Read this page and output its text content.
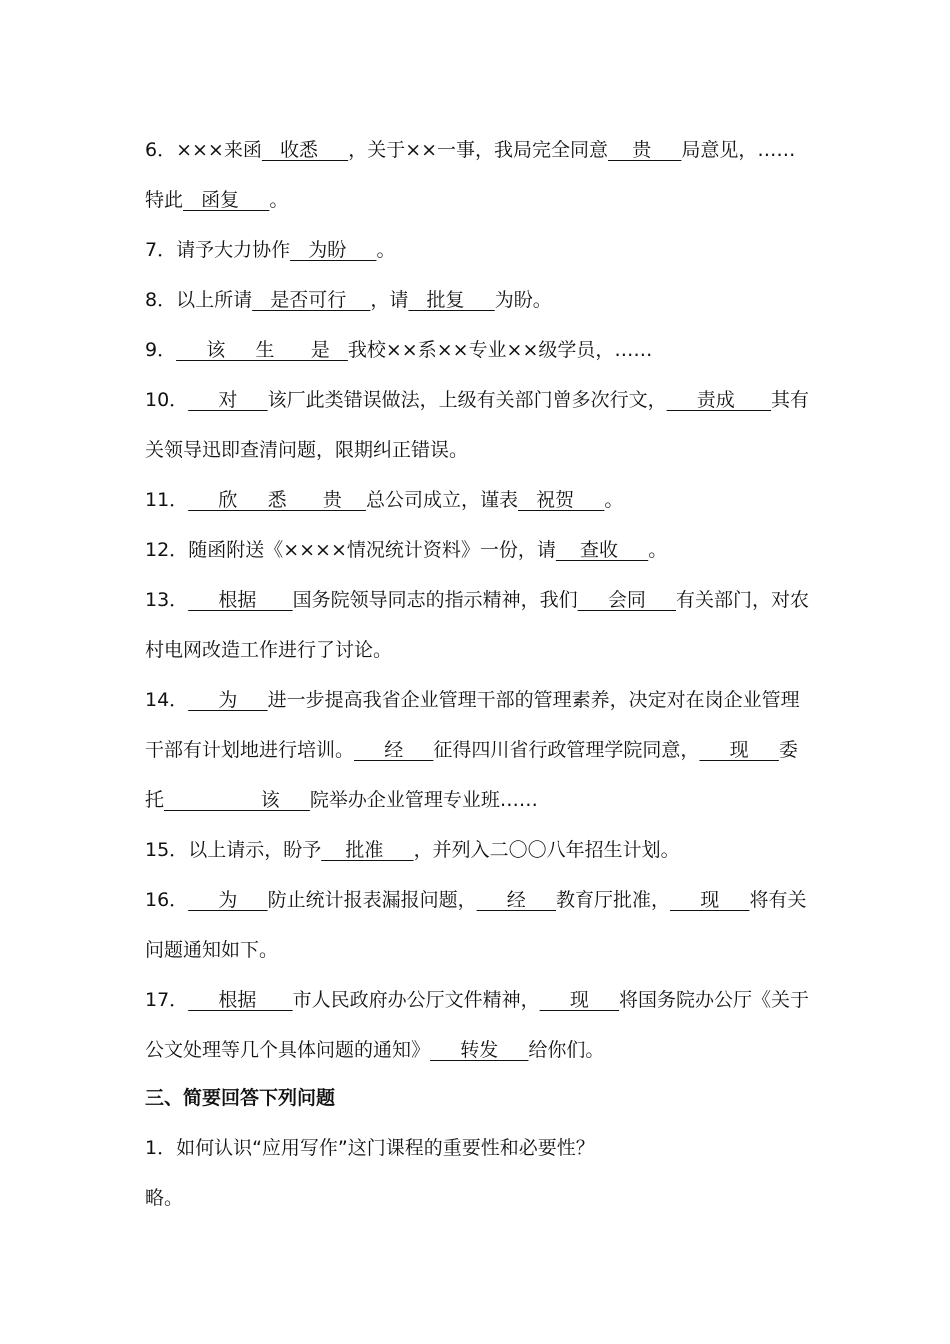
6．×××来函   收悉     ，关于××一事，我局完全同意    贵     局意见，……
特此   函复     。
7．请予大力协作   为盼     。
8．以上所请   是否可行    ，请   批复     为盼。
9．     该     生      是   我校××系××专业××级学员，……
10．     对     该厂此类错误做法，上级有关部门曾多次行文，     责成      其有
关领导迅即查清问题，限期纠正错误。
11．     欣     悉      贵    总公司成立，谨表   祝贺     。
12．随函附送《××××情况统计资料》一份，请    查收     。
13．     根据      国务院领导同志的指示精神，我们     会同     有关部门，对农
村电网改造工作进行了讨论。
14．     为     进一步提高我省企业管理干部的管理素养，决定对在岗企业管理
干部有计划地进行培训。     经     征得四川省行政管理学院同意，     现     委
托                该     院举办企业管理专业班……
15．以上请示，盼予    批准     ，并列入二〇〇八年招生计划。
16．     为     防止统计报表漏报问题，     经     教育厅批准，     现     将有关
问题通知如下。
17．     根据      市人民政府办公厅文件精神，     现     将国务院办公厅《关于
公文处理等几个具体问题的通知》     转发     给你们。
三、简要回答下列问题
1．如何认识“应用写作”这门课程的重要性和必要性？
略。
